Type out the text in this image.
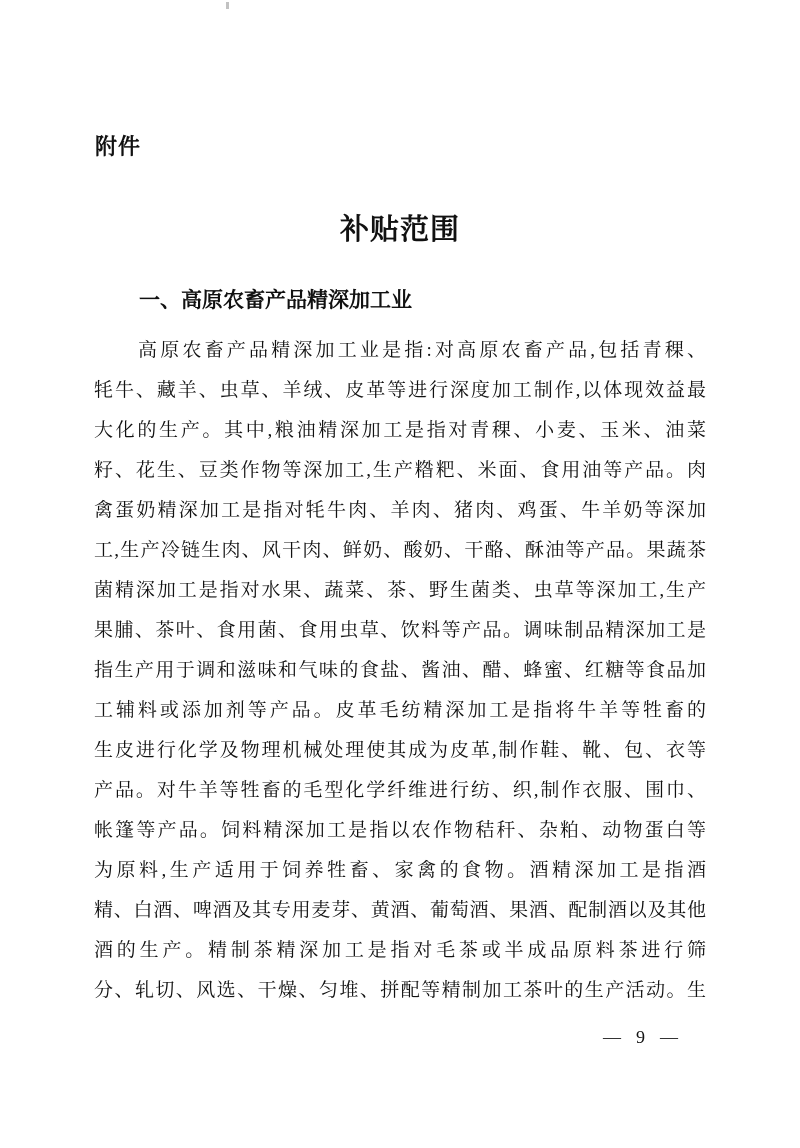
附件
补贴范围
一、高原农畜产品精深加工业
高原农畜产品精深加工业是指:对高原农畜产品,包括青稞、
牦牛、藏羊、虫草、羊绒、皮革等进行深度加工制作,以体现效益最
大化的生产。其中,粮油精深加工是指对青稞、小麦、玉米、油菜
籽、花生、豆类作物等深加工,生产糌粑、米面、食用油等产品。肉
禽蛋奶精深加工是指对牦牛肉、羊肉、猪肉、鸡蛋、牛羊奶等深加
工,生产冷链生肉、风干肉、鲜奶、酸奶、干酪、酥油等产品。果蔬茶
菌精深加工是指对水果、蔬菜、茶、野生菌类、虫草等深加工,生产
果脯、茶叶、食用菌、食用虫草、饮料等产品。调味制品精深加工是
指生产用于调和滋味和气味的食盐、酱油、醋、蜂蜜、红糖等食品加
工辅料或添加剂等产品。皮革毛纺精深加工是指将牛羊等牲畜的
生皮进行化学及物理机械处理使其成为皮革,制作鞋、靴、包、衣等
产品。对牛羊等牲畜的毛型化学纤维进行纺、织,制作衣服、围巾、
帐篷等产品。饲料精深加工是指以农作物秸秆、杂粕、动物蛋白等
为原料,生产适用于饲养牲畜、家禽的食物。酒精深加工是指酒
精、白酒、啤酒及其专用麦芽、黄酒、葡萄酒、果酒、配制酒以及其他
酒的生产。精制茶精深加工是指对毛茶或半成品原料茶进行筛
分、轧切、风选、干燥、匀堆、拼配等精制加工茶叶的生产活动。生
— 9 —
